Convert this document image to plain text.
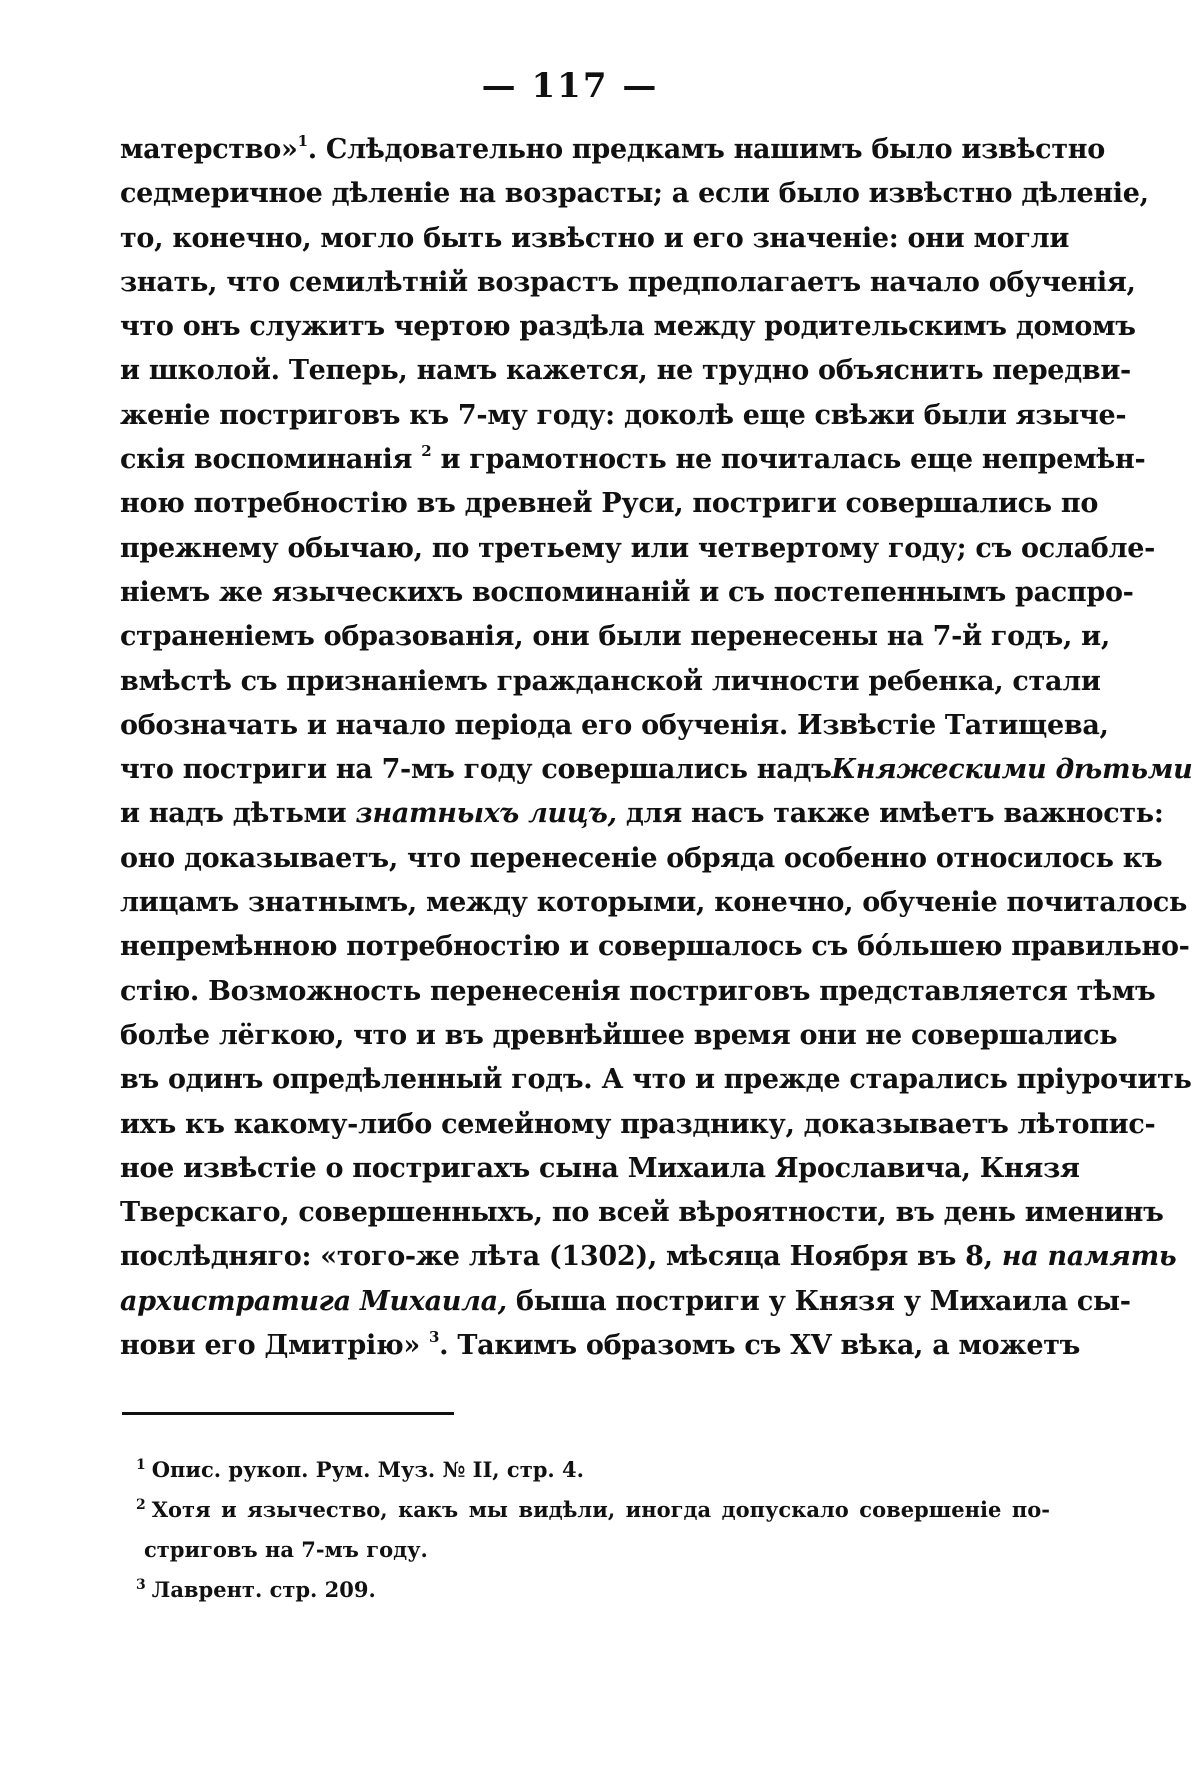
— 117 —
матерство»$^1$. Слѣдовательно предкамъ нашимъ было извѣстно
седмеричное дѣленіе на возрасты; а если было извѣстно дѣленіе,
то, конечно, могло быть извѣстно и его значеніе: они могли
знать, что семилѣтній возрастъ предполагаетъ начало обученія,
что онъ служитъ чертою раздѣла между родительскимъ домомъ
и школой. Теперь, намъ кажется, не трудно объяснить передви-
женіе постриговъ къ 7-му году: доколѣ еще свѣжи были языче-
скія воспоминанія $^2$ и грамотность не почиталась еще непремѣн-
ною потребностію въ древней Руси, постриги совершались по
прежнему обычаю, по третьему или четвертому году; съ ослабле-
ніемъ же языческихъ воспоминаній и съ постепеннымъ распро-
страненіемъ образованія, они были перенесены на 7-й годъ, и,
вмѣстѣ съ признаніемъ гражданской личности ребенка, стали
обозначать и начало періода его обученія. Извѣстіе Татищева,
что постриги на 7-мъ году совершались надъКняжескими дѣтьми
и надъ дѣтьми знатныхъ лицъ, для насъ также имѣетъ важность:
оно доказываетъ, что перенесеніе обряда особенно относилось къ
лицамъ знатнымъ, между которыми, конечно, обученіе почиталось
непремѣнною потребностію и совершалось съ бо́льшею правильно-
стію. Возможность перенесенія постриговъ представляется тѣмъ
болѣе лёгкою, что и въ древнѣйшее время они не совершались
въ одинъ опредѣленный годъ. А что и прежде старались пріурочить
ихъ къ какому-либо семейному празднику, доказываетъ лѣтопис-
ное извѣстіе о постригахъ сына Михаила Ярославича, Князя
Тверскаго, совершенныхъ, по всей вѣроятности, въ день именинъ
послѣдняго: «того-же лѣта (1302), мѣсяца Ноября въ 8, на память
архистратига Михаила, быша постриги у Князя у Михаила сы-
нови его Дмитрію» $^3$. Такимъ образомъ съ XV вѣка, а можетъ
$^1$ Опис. рукоп. Рум. Муз. № II, стр. 4.
$^2$ Хотя и язычество, какъ мы видѣли, иногда допускало совершеніе по-
стриговъ на 7-мъ году.
$^3$ Лаврент. стр. 209.
